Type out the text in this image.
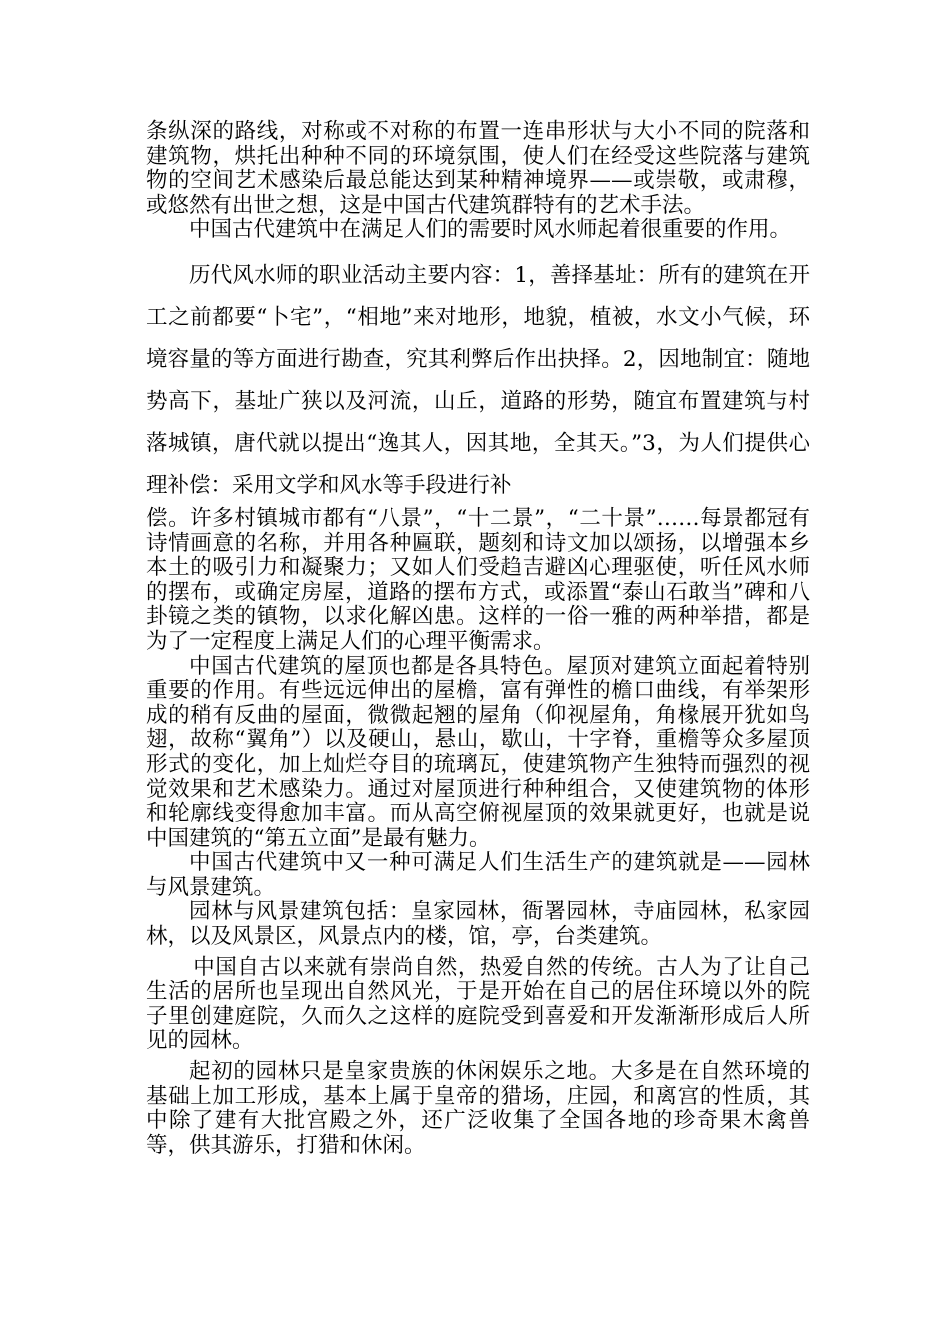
条纵深的路线，对称或不对称的布置一连串形状与大小不同的院落和建筑物，烘托出种种不同的环境氛围，使人们在经受这些院落与建筑物的空间艺术感染后最总能达到某种精神境界——或崇敬，或肃穆，或悠然有出世之想，这是中国古代建筑群特有的艺术手法。

中国古代建筑中在满足人们的需要时风水师起着很重要的作用。

历代风水师的职业活动主要内容：1，善择基址：所有的建筑在开工之前都要“卜宅”，“相地”来对地形，地貌，植被，水文小气候，环境容量的等方面进行勘查，究其利弊后作出抉择。2，因地制宜：随地势高下，基址广狭以及河流，山丘，道路的形势，随宜布置建筑与村落城镇，唐代就以提出“逸其人，因其地，全其天。”3，为人们提供心理补偿：采用文学和风水等手段进行补

偿。许多村镇城市都有“八景”，“十二景”，“二十景”……每景都冠有诗情画意的名称，并用各种匾联，题刻和诗文加以颂扬，以增强本乡本土的吸引力和凝聚力；又如人们受趋吉避凶心理驱使，听任风水师的摆布，或确定房屋，道路的摆布方式，或添置“泰山石敢当”碑和八卦镜之类的镇物，以求化解凶患。这样的一俗一雅的两种举措，都是为了一定程度上满足人们的心理平衡需求。

中国古代建筑的屋顶也都是各具特色。屋顶对建筑立面起着特别重要的作用。有些远远伸出的屋檐，富有弹性的檐口曲线，有举架形成的稍有反曲的屋面，微微起翘的屋角（仰视屋角，角椽展开犹如鸟翅，故称“翼角”）以及硬山，悬山，歇山，十字脊，重檐等众多屋顶形式的变化，加上灿烂夺目的琉璃瓦，使建筑物产生独特而强烈的视觉效果和艺术感染力。通过对屋顶进行种种组合，又使建筑物的体形和轮廓线变得愈加丰富。而从高空俯视屋顶的效果就更好，也就是说中国建筑的“第五立面”是最有魅力。

中国古代建筑中又一种可满足人们生活生产的建筑就是——园林与风景建筑。

园林与风景建筑包括：皇家园林，衙署园林，寺庙园林，私家园林，以及风景区，风景点内的楼，馆，亭，台类建筑。

中国自古以来就有崇尚自然，热爱自然的传统。古人为了让自己生活的居所也呈现出自然风光，于是开始在自己的居住环境以外的院子里创建庭院，久而久之这样的庭院受到喜爱和开发渐渐形成后人所见的园林。

起初的园林只是皇家贵族的休闲娱乐之地。大多是在自然环境的基础上加工形成，基本上属于皇帝的猎场，庄园，和离宫的性质，其中除了建有大批宫殿之外，还广泛收集了全国各地的珍奇果木禽兽等，供其游乐，打猎和休闲。
